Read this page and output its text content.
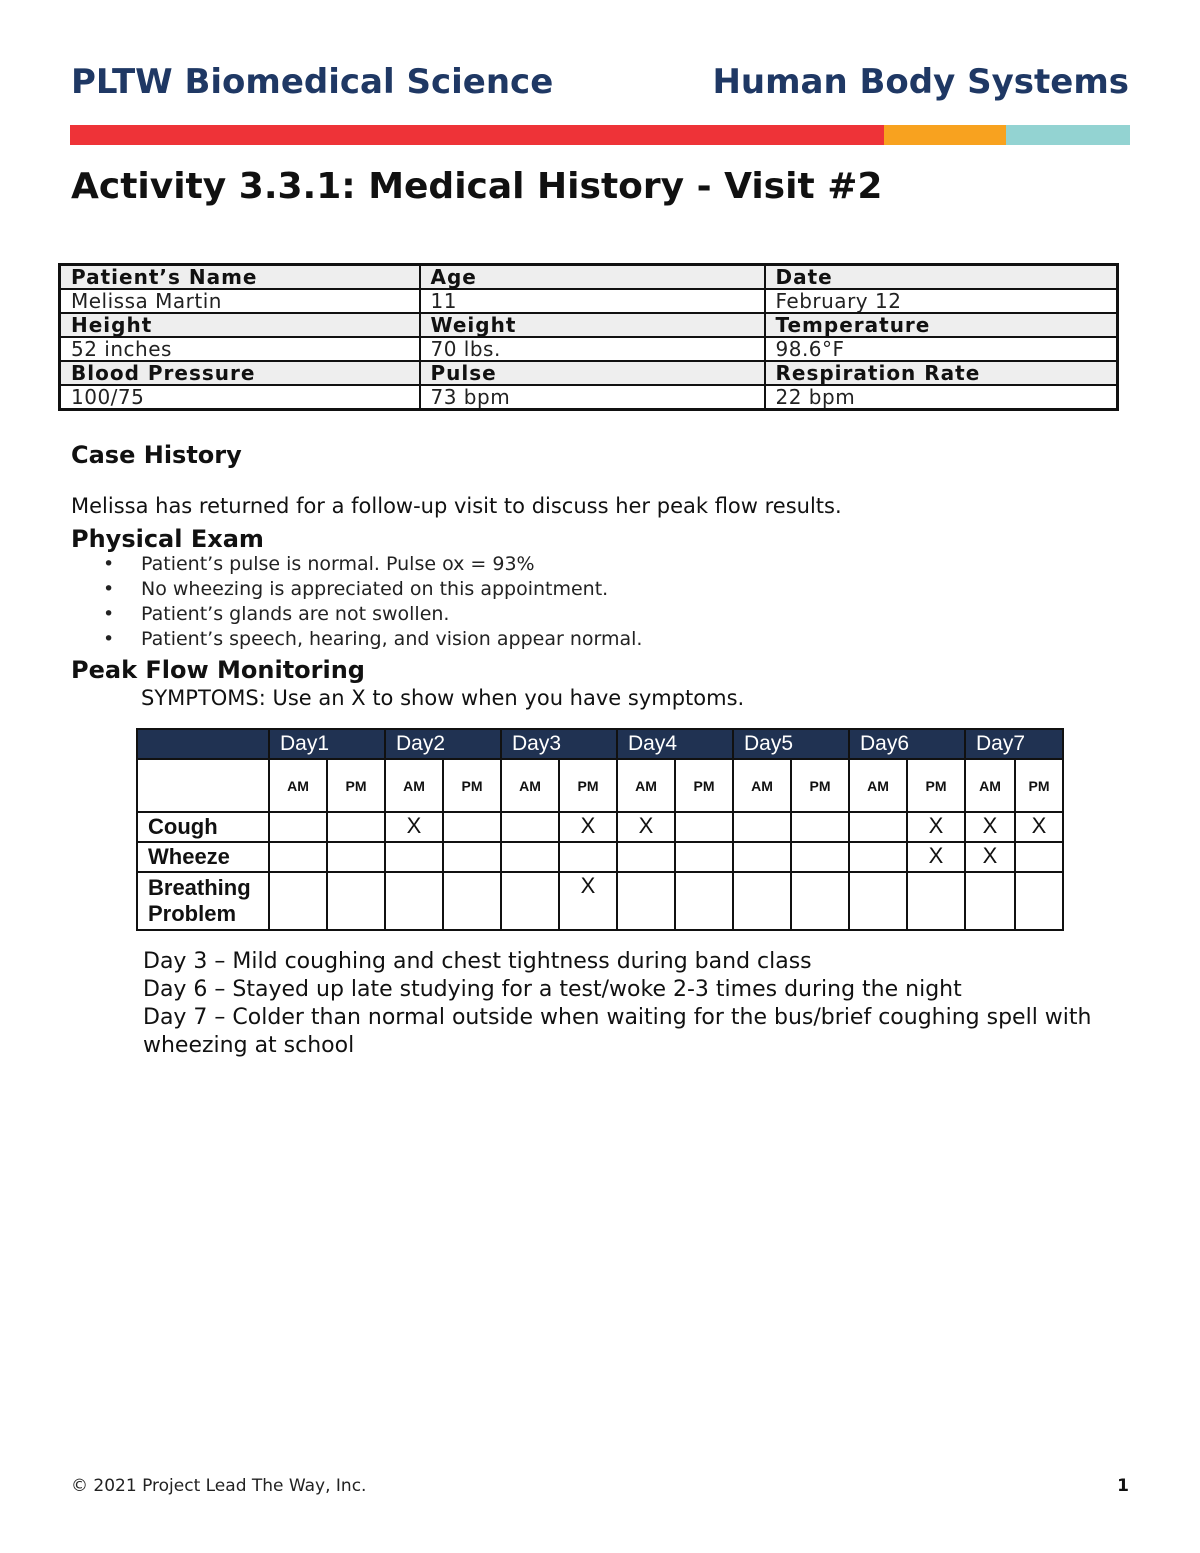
PLTW Biomedical Science	Human Body Systems
Activity 3.3.1: Medical History - Visit #2
Patient’s Name	Age	Date
Melissa Martin	11	February 12
Height	Weight	Temperature
52 inches	70 lbs.	98.6°F
Blood Pressure	Pulse	Respiration Rate
100/75	73 bpm	22 bpm
Case History
Melissa has returned for a follow-up visit to discuss her peak flow results.
Physical Exam
• Patient’s pulse is normal. Pulse ox = 93%
• No wheezing is appreciated on this appointment.
• Patient’s glands are not swollen.
• Patient’s speech, hearing, and vision appear normal.
Peak Flow Monitoring
SYMPTOMS: Use an X to show when you have symptoms.
	Day1		Day2		Day3		Day4		Day5		Day6		Day7	
	AM	PM	AM	PM	AM	PM	AM	PM	AM	PM	AM	PM	AM	PM
Cough			X			X	X					X	X	X
Wheeze												X	X	
Breathing
Problem						X								
Day 3 – Mild coughing and chest tightness during band class
Day 6 – Stayed up late studying for a test/woke 2-3 times during the night
Day 7 – Colder than normal outside when waiting for the bus/brief coughing spell with wheezing at school
© 2021 Project Lead The Way, Inc.	1
